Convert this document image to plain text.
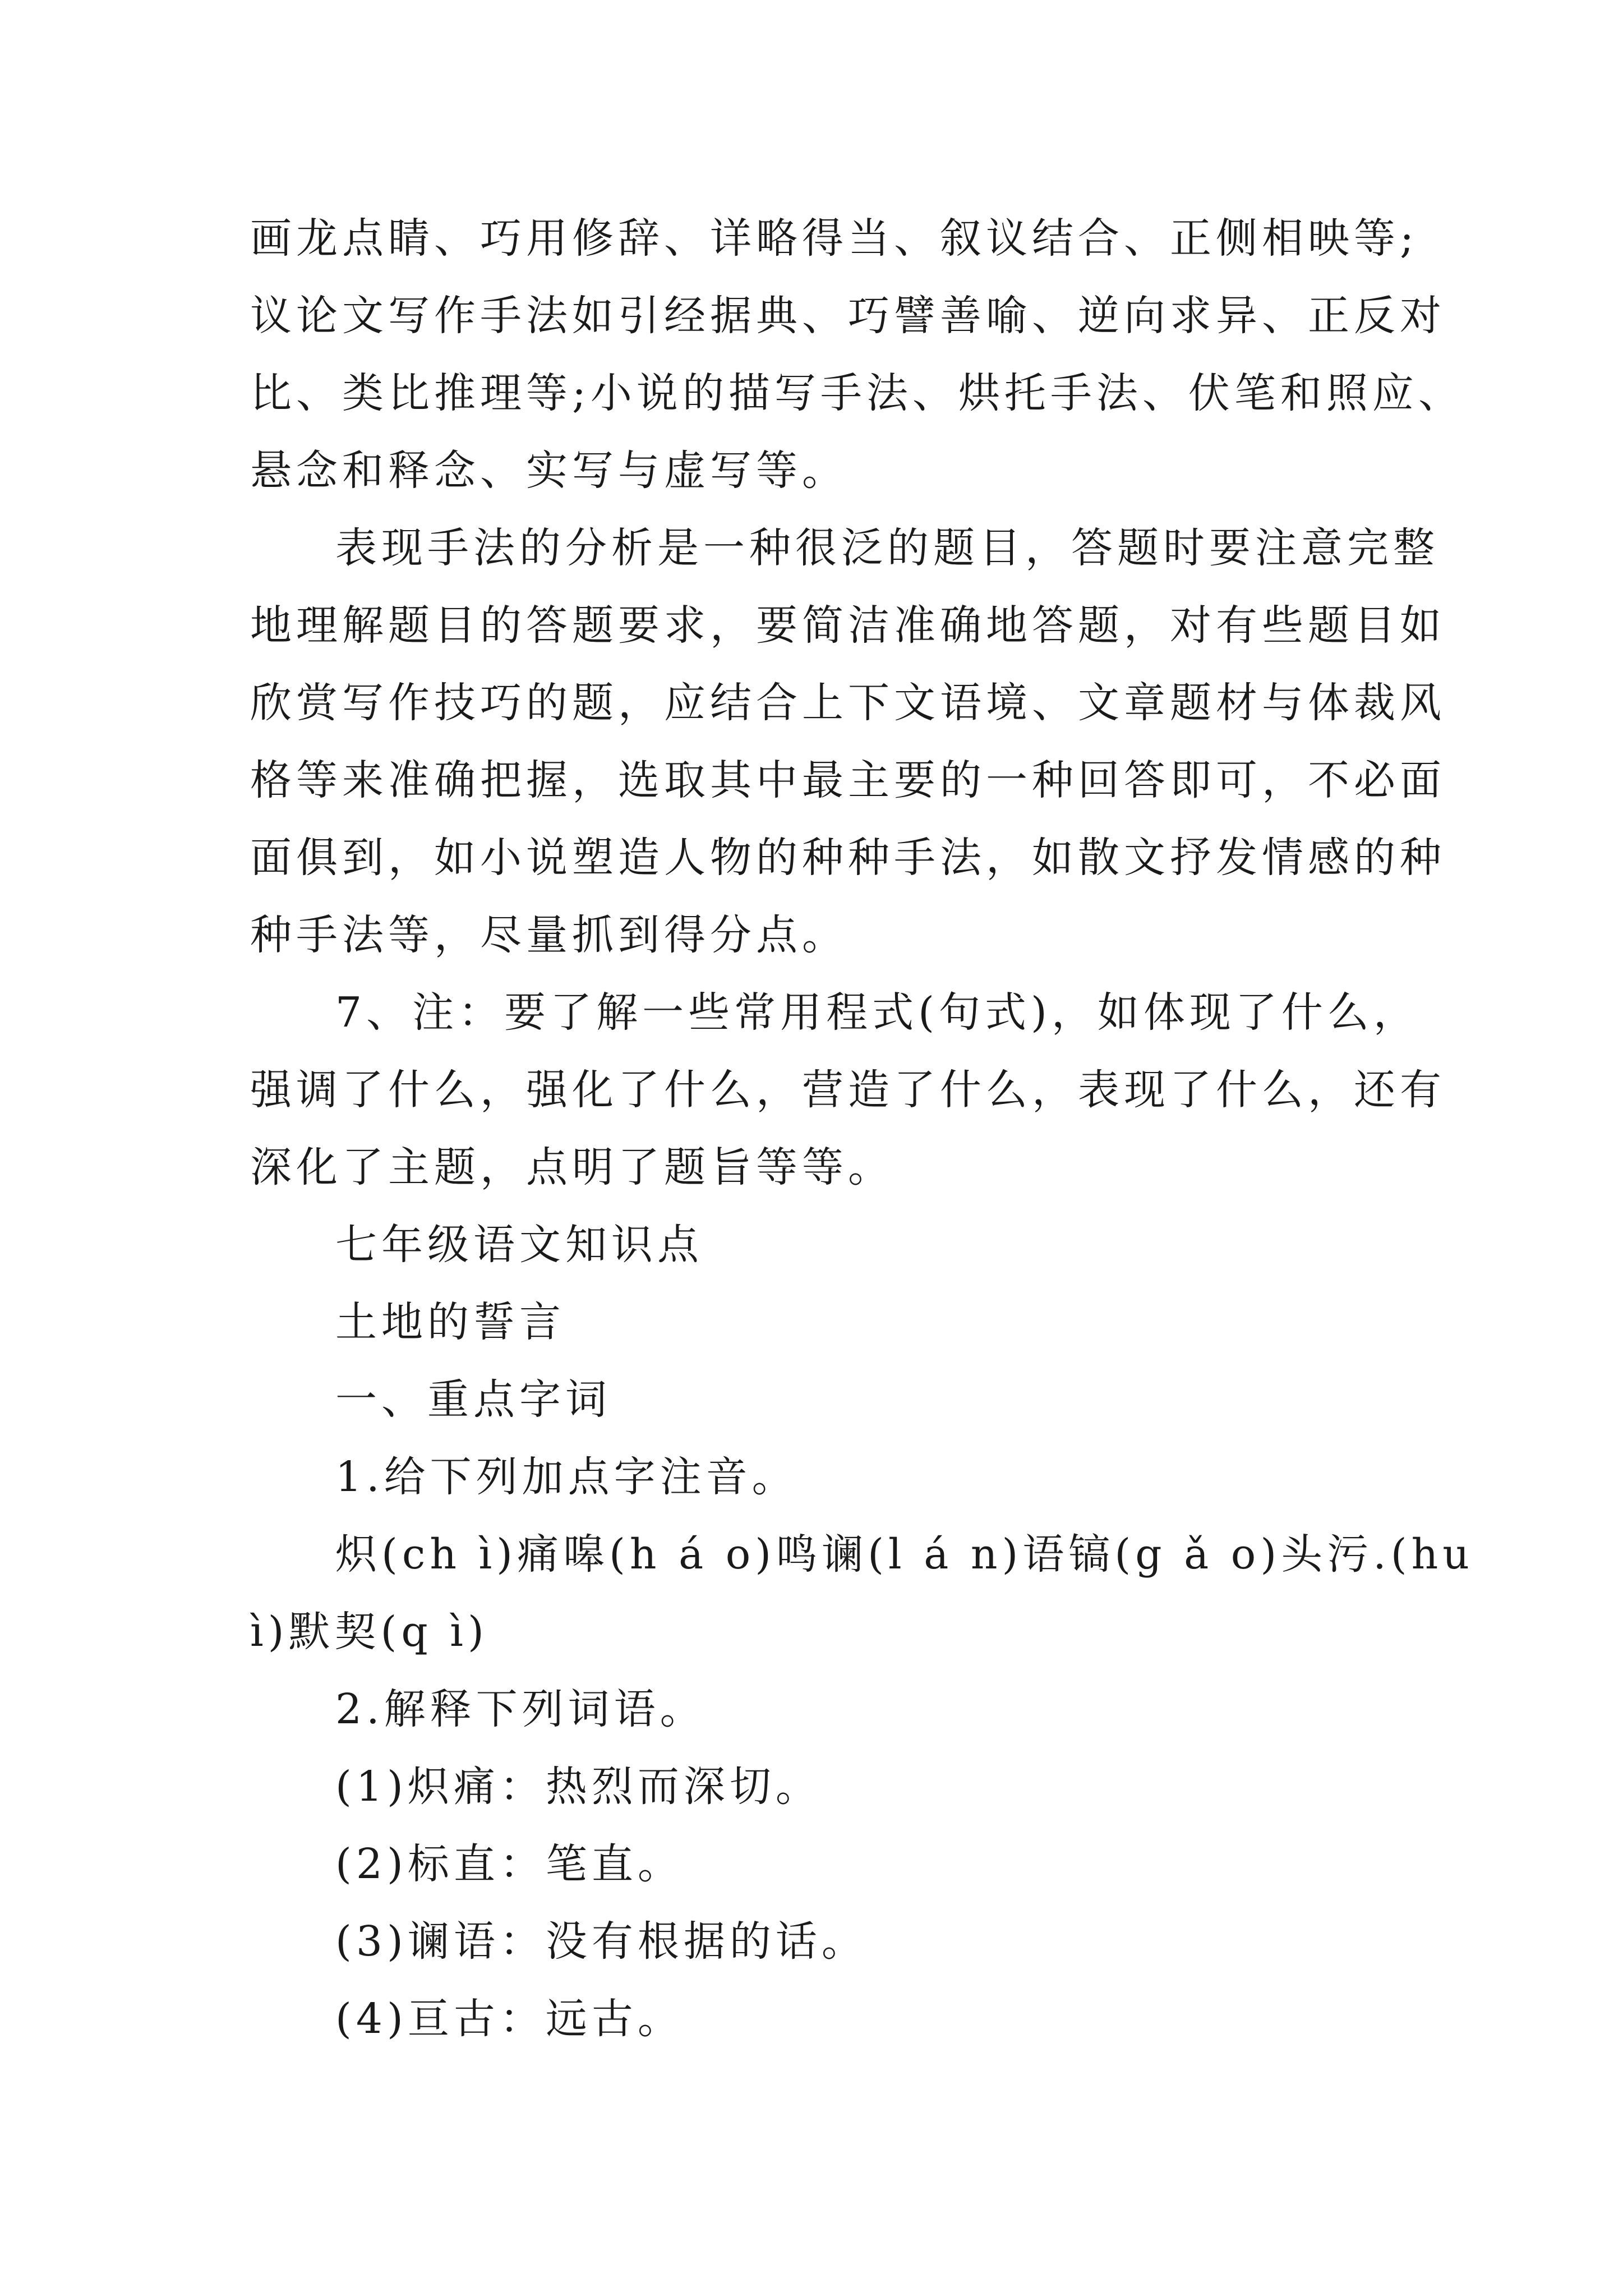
画龙点睛、巧用修辞、详略得当、叙议结合、正侧相映等;
议论文写作手法如引经据典、巧譬善喻、逆向求异、正反对
比、类比推理等;小说的描写手法、烘托手法、伏笔和照应、
悬念和释念、实写与虚写等。
表现手法的分析是一种很泛的题目，答题时要注意完整
地理解题目的答题要求，要简洁准确地答题，对有些题目如
欣赏写作技巧的题，应结合上下文语境、文章题材与体裁风
格等来准确把握，选取其中最主要的一种回答即可，不必面
面俱到，如小说塑造人物的种种手法，如散文抒发情感的种
种手法等，尽量抓到得分点。
7、注：要了解一些常用程式(句式)，如体现了什么，
强调了什么，强化了什么，营造了什么，表现了什么，还有
深化了主题，点明了题旨等等。
七年级语文知识点
土地的誓言
一、重点字词
1.给下列加点字注音。
炽(ch ì)痛嗥(h á o)鸣谰(l á n)语镐(g ǎ o)头污.(hu
ì)默契(q ì)
2.解释下列词语。
(1)炽痛：热烈而深切。
(2)标直：笔直。
(3)谰语：没有根据的话。
(4)亘古：远古。
